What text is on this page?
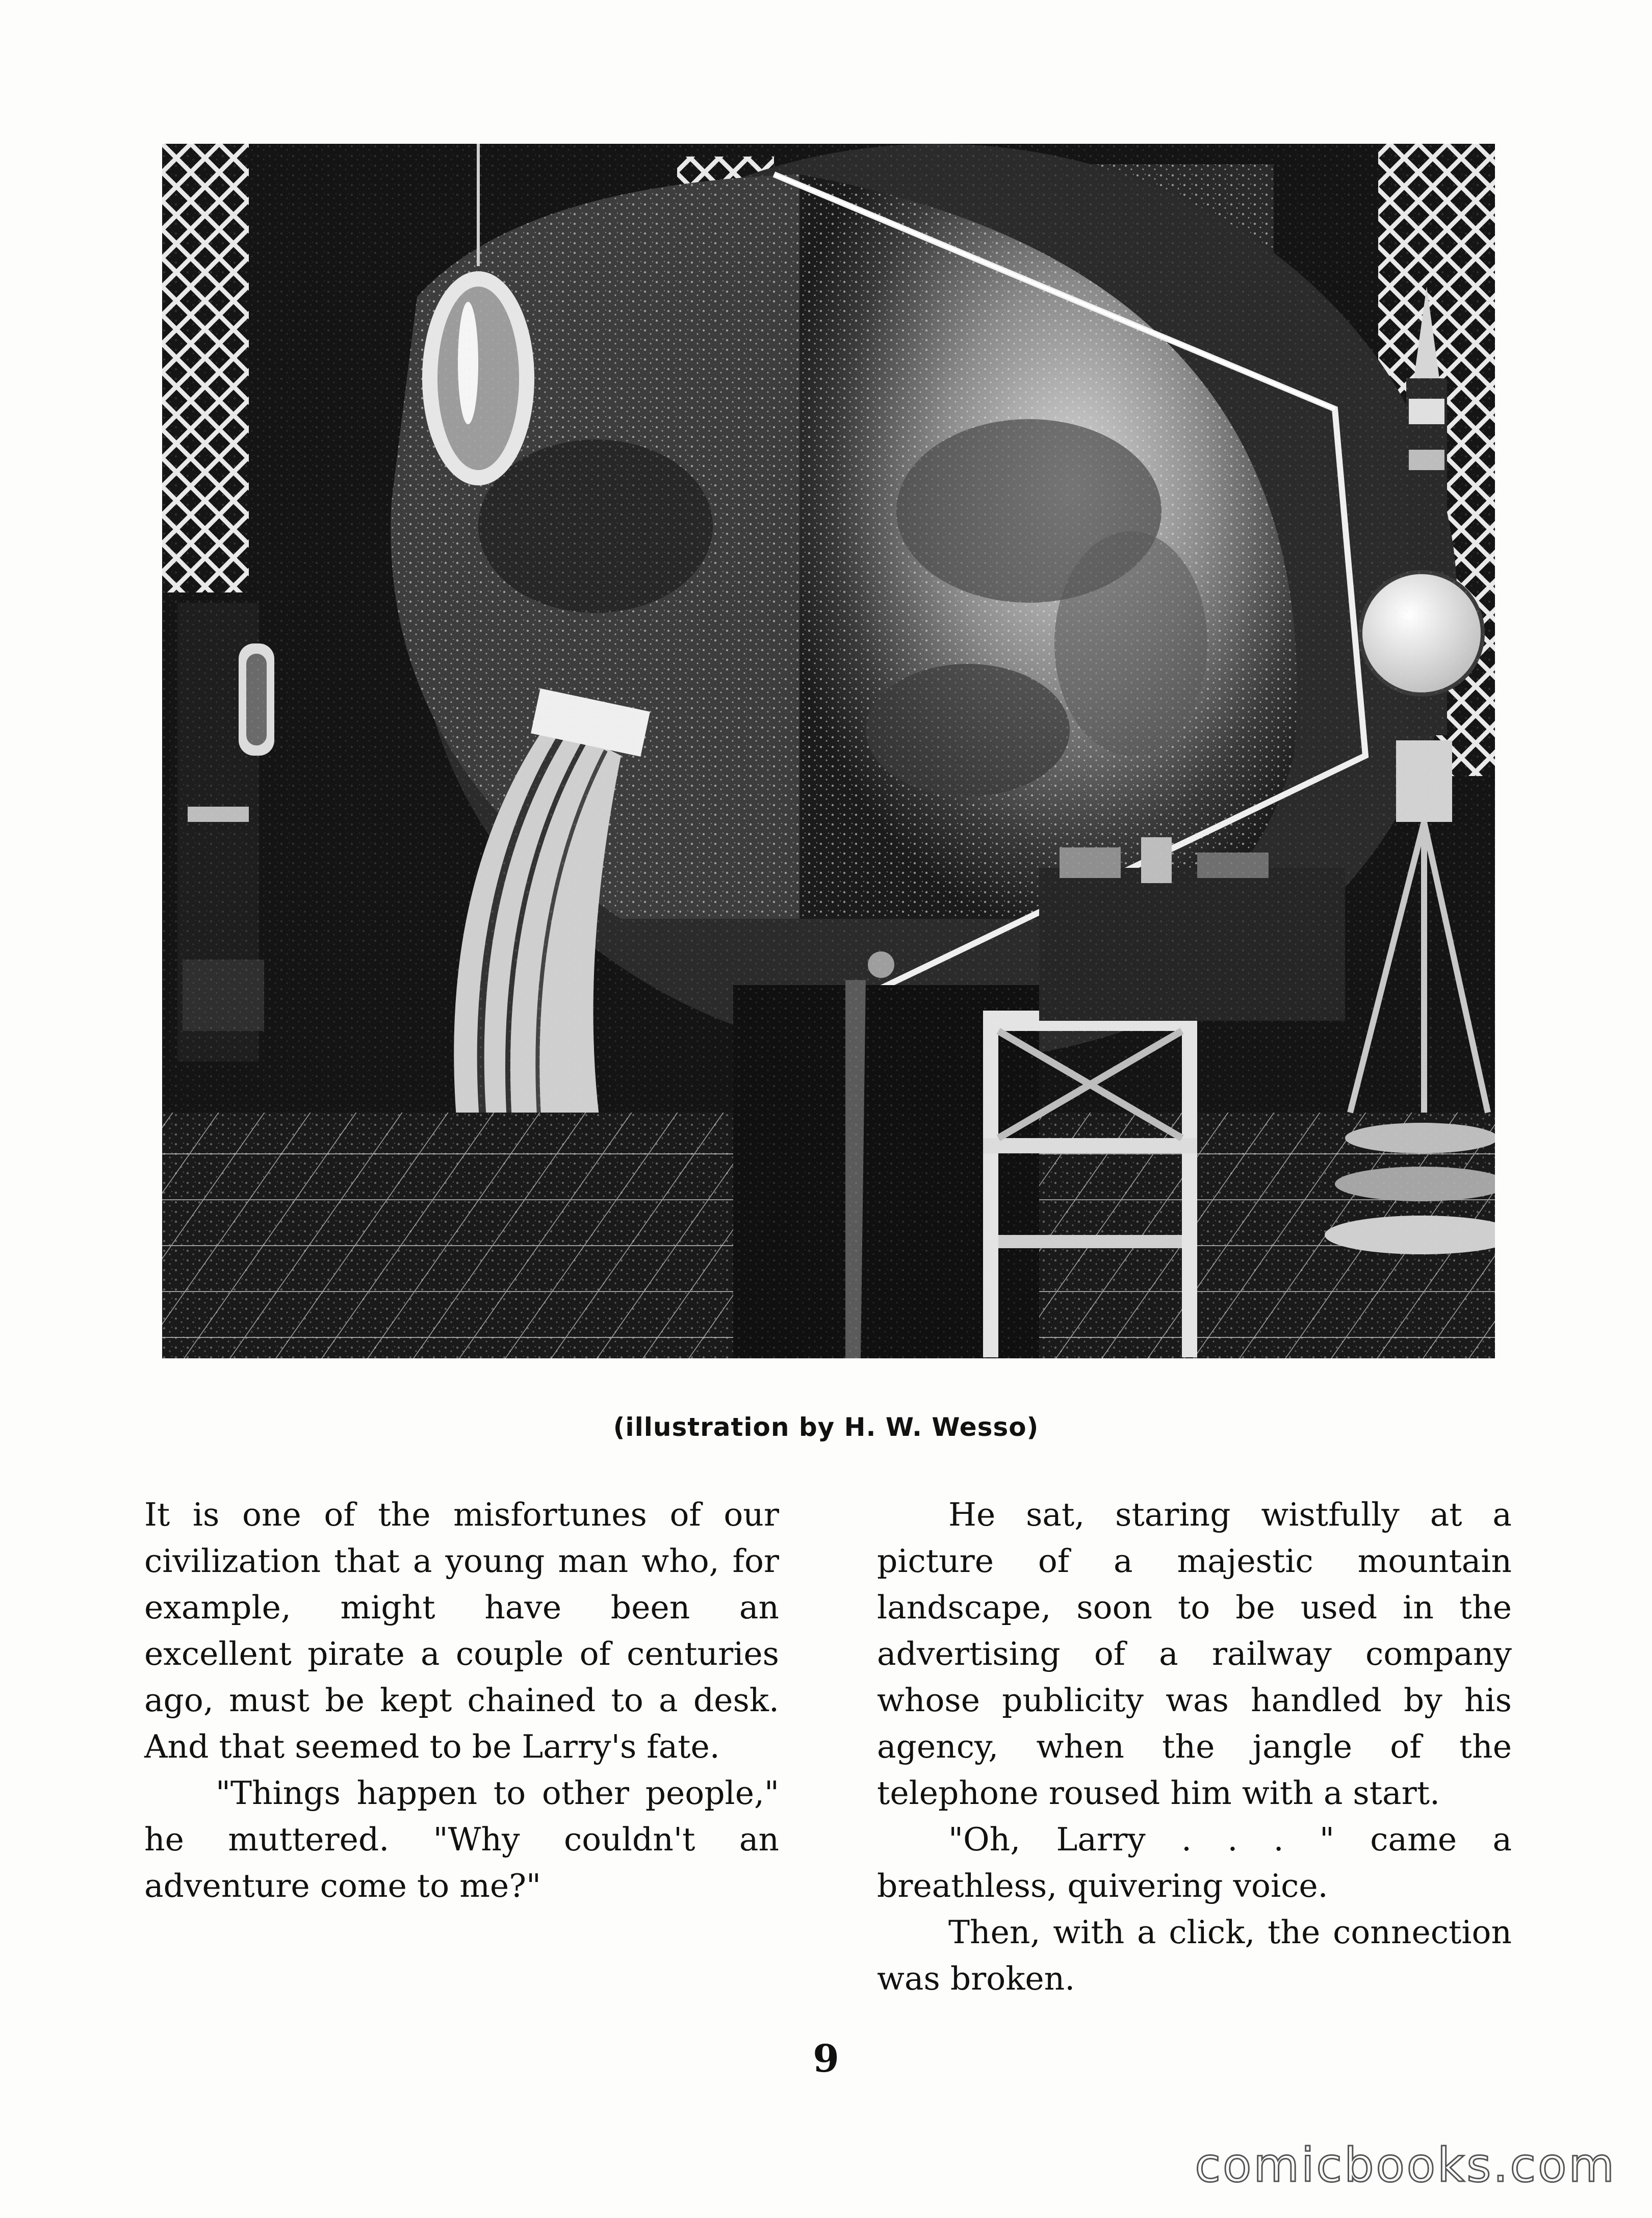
(illustration by H. W. Wesso)

It is one of the misfortunes of our civilization that a young man who, for example, might have been an excellent pirate a couple of centuries ago, must be kept chained to a desk. And that seemed to be Larry's fate.

"Things happen to other people," he muttered. "Why couldn't an adventure come to me?"

He sat, staring wistfully at a picture of a majestic mountain landscape, soon to be used in the advertising of a railway company whose publicity was handled by his agency, when the jangle of the telephone roused him with a start.

"Oh, Larry . . . " came a breathless, quivering voice.

Then, with a click, the connection was broken.

9
comicbooks.com
